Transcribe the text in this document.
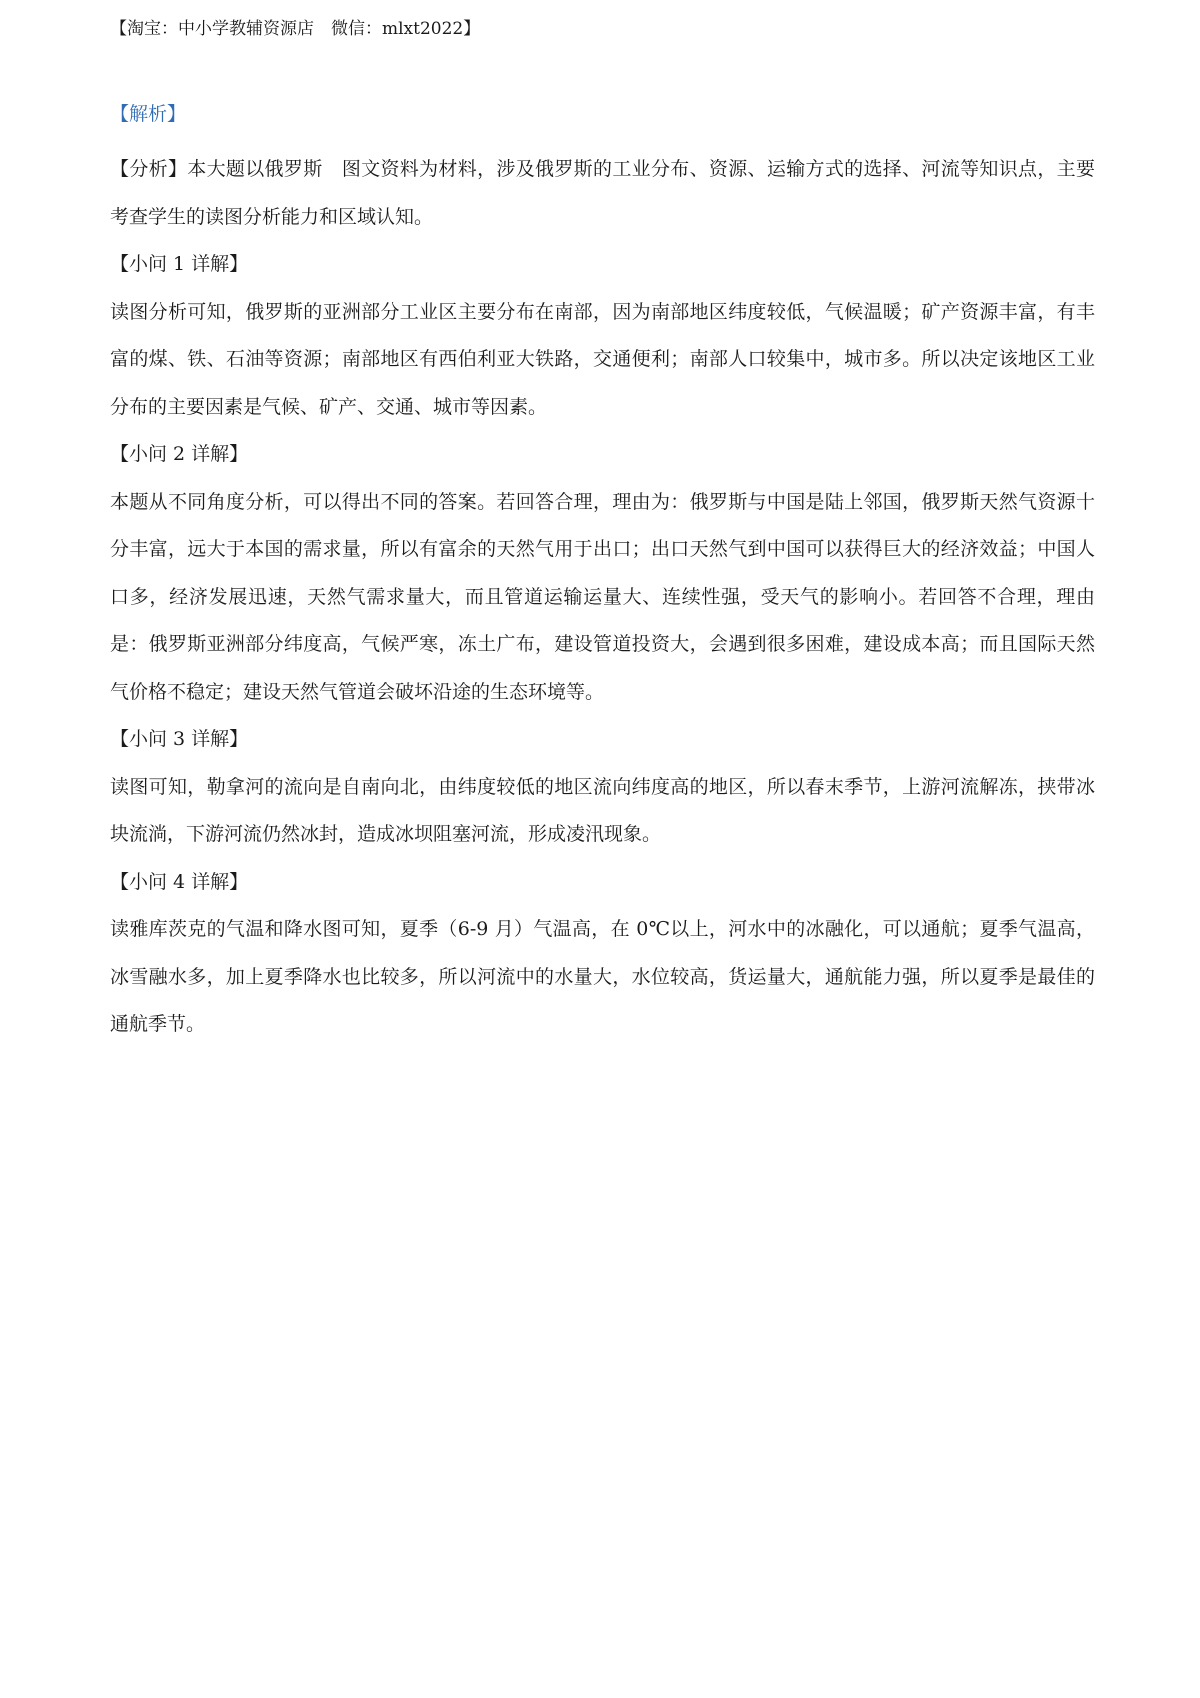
【淘宝：中小学教辅资源店　微信：mlxt2022】
【解析】

【分析】本大题以俄罗斯　图文资料为材料，涉及俄罗斯的工业分布、资源、运输方式的选择、河流等知识点，主要考查学生的读图分析能力和区域认知。

【小问 1 详解】

读图分析可知，俄罗斯的亚洲部分工业区主要分布在南部，因为南部地区纬度较低，气候温暖；矿产资源丰富，有丰富的煤、铁、石油等资源；南部地区有西伯利亚大铁路，交通便利；南部人口较集中，城市多。所以决定该地区工业分布的主要因素是气候、矿产、交通、城市等因素。

【小问 2 详解】

本题从不同角度分析，可以得出不同的答案。若回答合理，理由为：俄罗斯与中国是陆上邻国，俄罗斯天然气资源十分丰富，远大于本国的需求量，所以有富余的天然气用于出口；出口天然气到中国可以获得巨大的经济效益；中国人口多，经济发展迅速，天然气需求量大，而且管道运输运量大、连续性强，受天气的影响小。若回答不合理，理由是：俄罗斯亚洲部分纬度高，气候严寒，冻土广布，建设管道投资大，会遇到很多困难，建设成本高；而且国际天然气价格不稳定；建设天然气管道会破坏沿途的生态环境等。

【小问 3 详解】

读图可知，勒拿河的流向是自南向北，由纬度较低的地区流向纬度高的地区，所以春末季节，上游河流解冻，挟带冰块流淌，下游河流仍然冰封，造成冰坝阻塞河流，形成凌汛现象。

【小问 4 详解】

读雅库茨克的气温和降水图可知，夏季（6-9 月）气温高，在 0℃以上，河水中的冰融化，可以通航；夏季气温高，冰雪融水多，加上夏季降水也比较多，所以河流中的水量大，水位较高，货运量大，通航能力强，所以夏季是最佳的通航季节。
